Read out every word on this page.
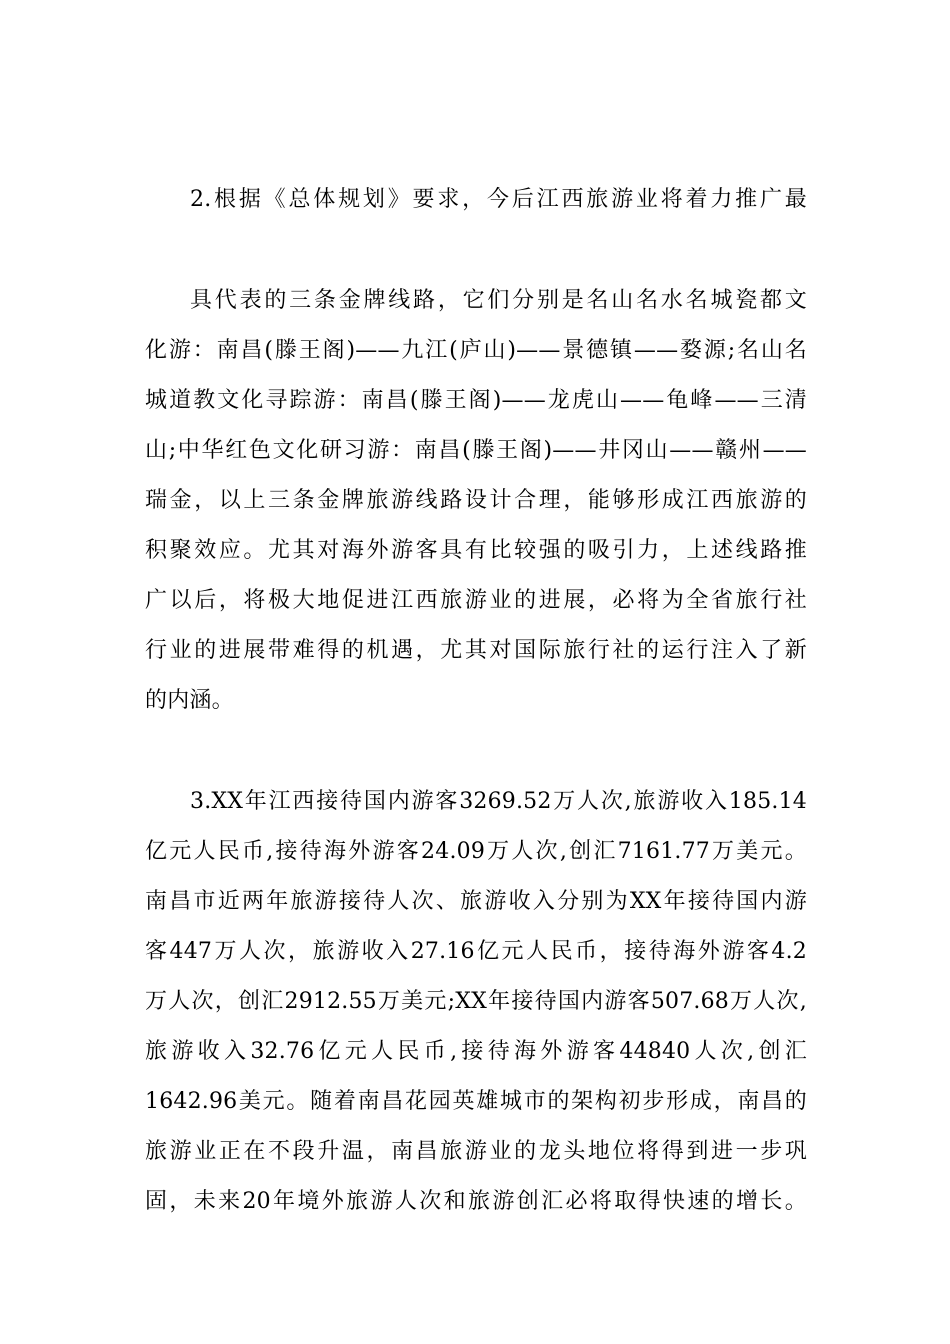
2.根据《总体规划》要求，今后江西旅游业将着力推广最
具代表的三条金牌线路，它们分别是名山名水名城瓷都文
化游：南昌(滕王阁)——九江(庐山)——景德镇——婺源;名山名
城道教文化寻踪游：南昌(滕王阁)——龙虎山——龟峰——三清
山;中华红色文化研习游：南昌(滕王阁)——井冈山——赣州——
瑞金，以上三条金牌旅游线路设计合理，能够形成江西旅游的
积聚效应。尤其对海外游客具有比较强的吸引力，上述线路推
广以后，将极大地促进江西旅游业的进展，必将为全省旅行社
行业的进展带难得的机遇，尤其对国际旅行社的运行注入了新
的内涵。
3.XX年江西接待国内游客3269.52万人次,旅游收入185.14
亿元人民币,接待海外游客24.09万人次,创汇7161.77万美元。
南昌市近两年旅游接待人次、旅游收入分别为XX年接待国内游
客447万人次，旅游收入27.16亿元人民币，接待海外游客4.2
万人次，创汇2912.55万美元;XX年接待国内游客507.68万人次,
旅游收入32.76亿元人民币,接待海外游客44840人次,创汇
1642.96美元。随着南昌花园英雄城市的架构初步形成，南昌的
旅游业正在不段升温，南昌旅游业的龙头地位将得到进一步巩
固，未来20年境外旅游人次和旅游创汇必将取得快速的增长。
